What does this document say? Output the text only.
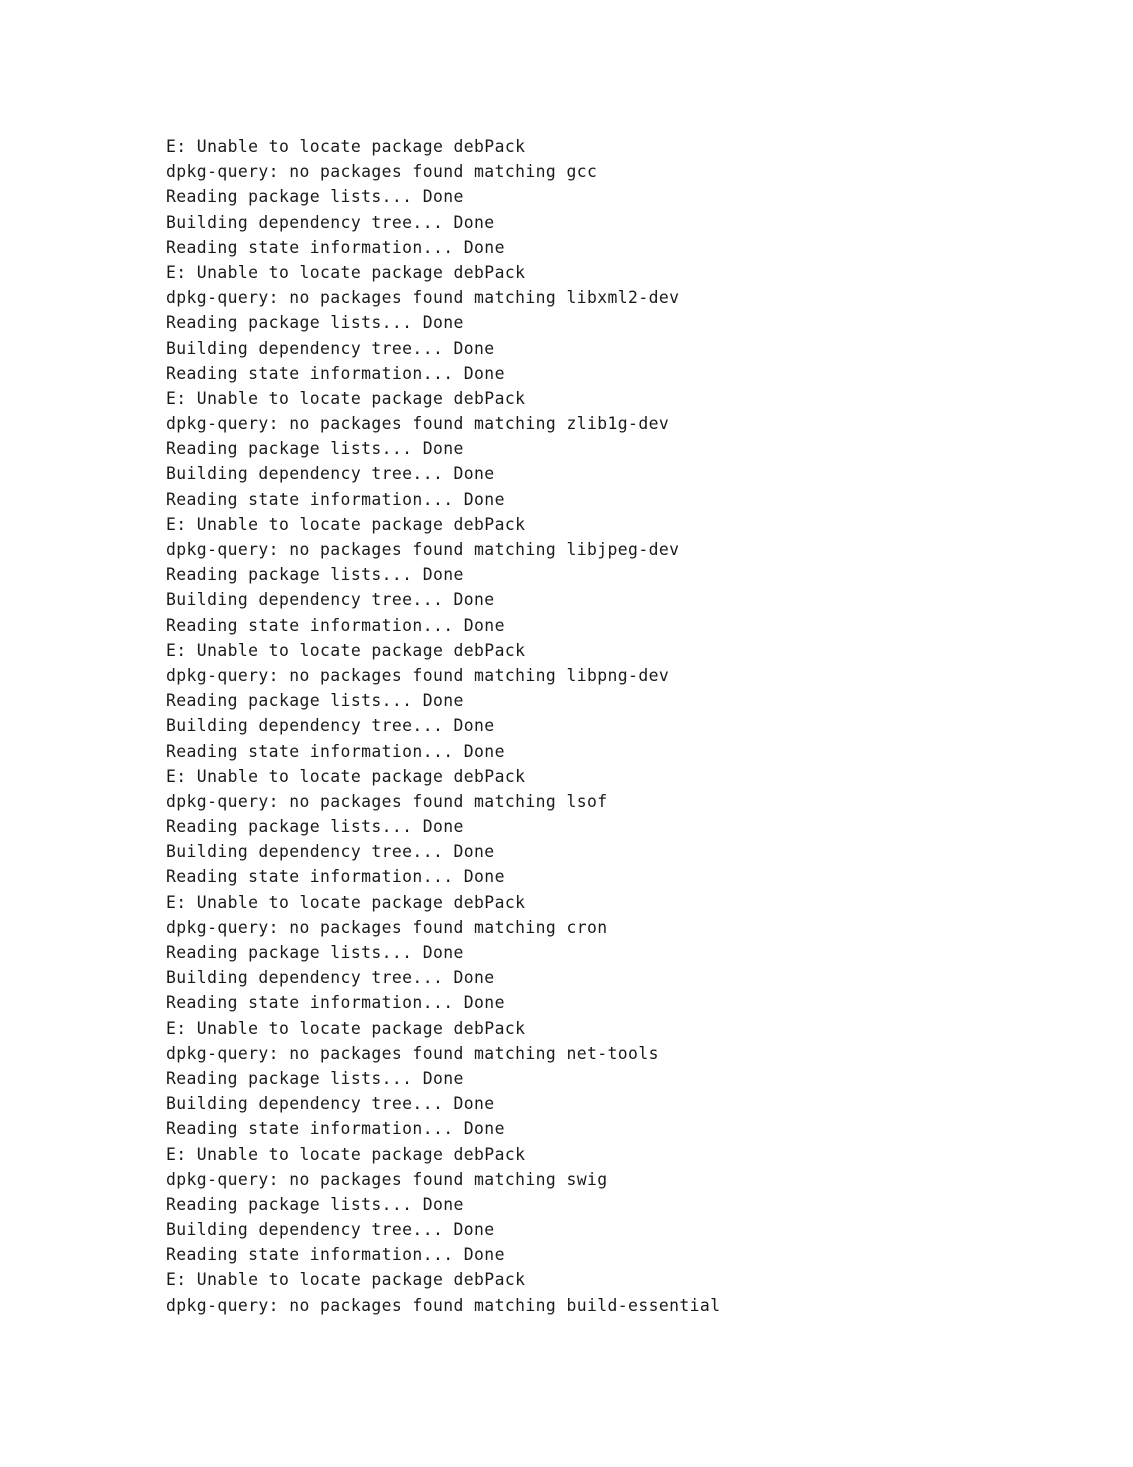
E: Unable to locate package debPack
dpkg-query: no packages found matching gcc
Reading package lists... Done
Building dependency tree... Done
Reading state information... Done
E: Unable to locate package debPack
dpkg-query: no packages found matching libxml2-dev
Reading package lists... Done
Building dependency tree... Done
Reading state information... Done
E: Unable to locate package debPack
dpkg-query: no packages found matching zlib1g-dev
Reading package lists... Done
Building dependency tree... Done
Reading state information... Done
E: Unable to locate package debPack
dpkg-query: no packages found matching libjpeg-dev
Reading package lists... Done
Building dependency tree... Done
Reading state information... Done
E: Unable to locate package debPack
dpkg-query: no packages found matching libpng-dev
Reading package lists... Done
Building dependency tree... Done
Reading state information... Done
E: Unable to locate package debPack
dpkg-query: no packages found matching lsof
Reading package lists... Done
Building dependency tree... Done
Reading state information... Done
E: Unable to locate package debPack
dpkg-query: no packages found matching cron
Reading package lists... Done
Building dependency tree... Done
Reading state information... Done
E: Unable to locate package debPack
dpkg-query: no packages found matching net-tools
Reading package lists... Done
Building dependency tree... Done
Reading state information... Done
E: Unable to locate package debPack
dpkg-query: no packages found matching swig
Reading package lists... Done
Building dependency tree... Done
Reading state information... Done
E: Unable to locate package debPack
dpkg-query: no packages found matching build-essential
